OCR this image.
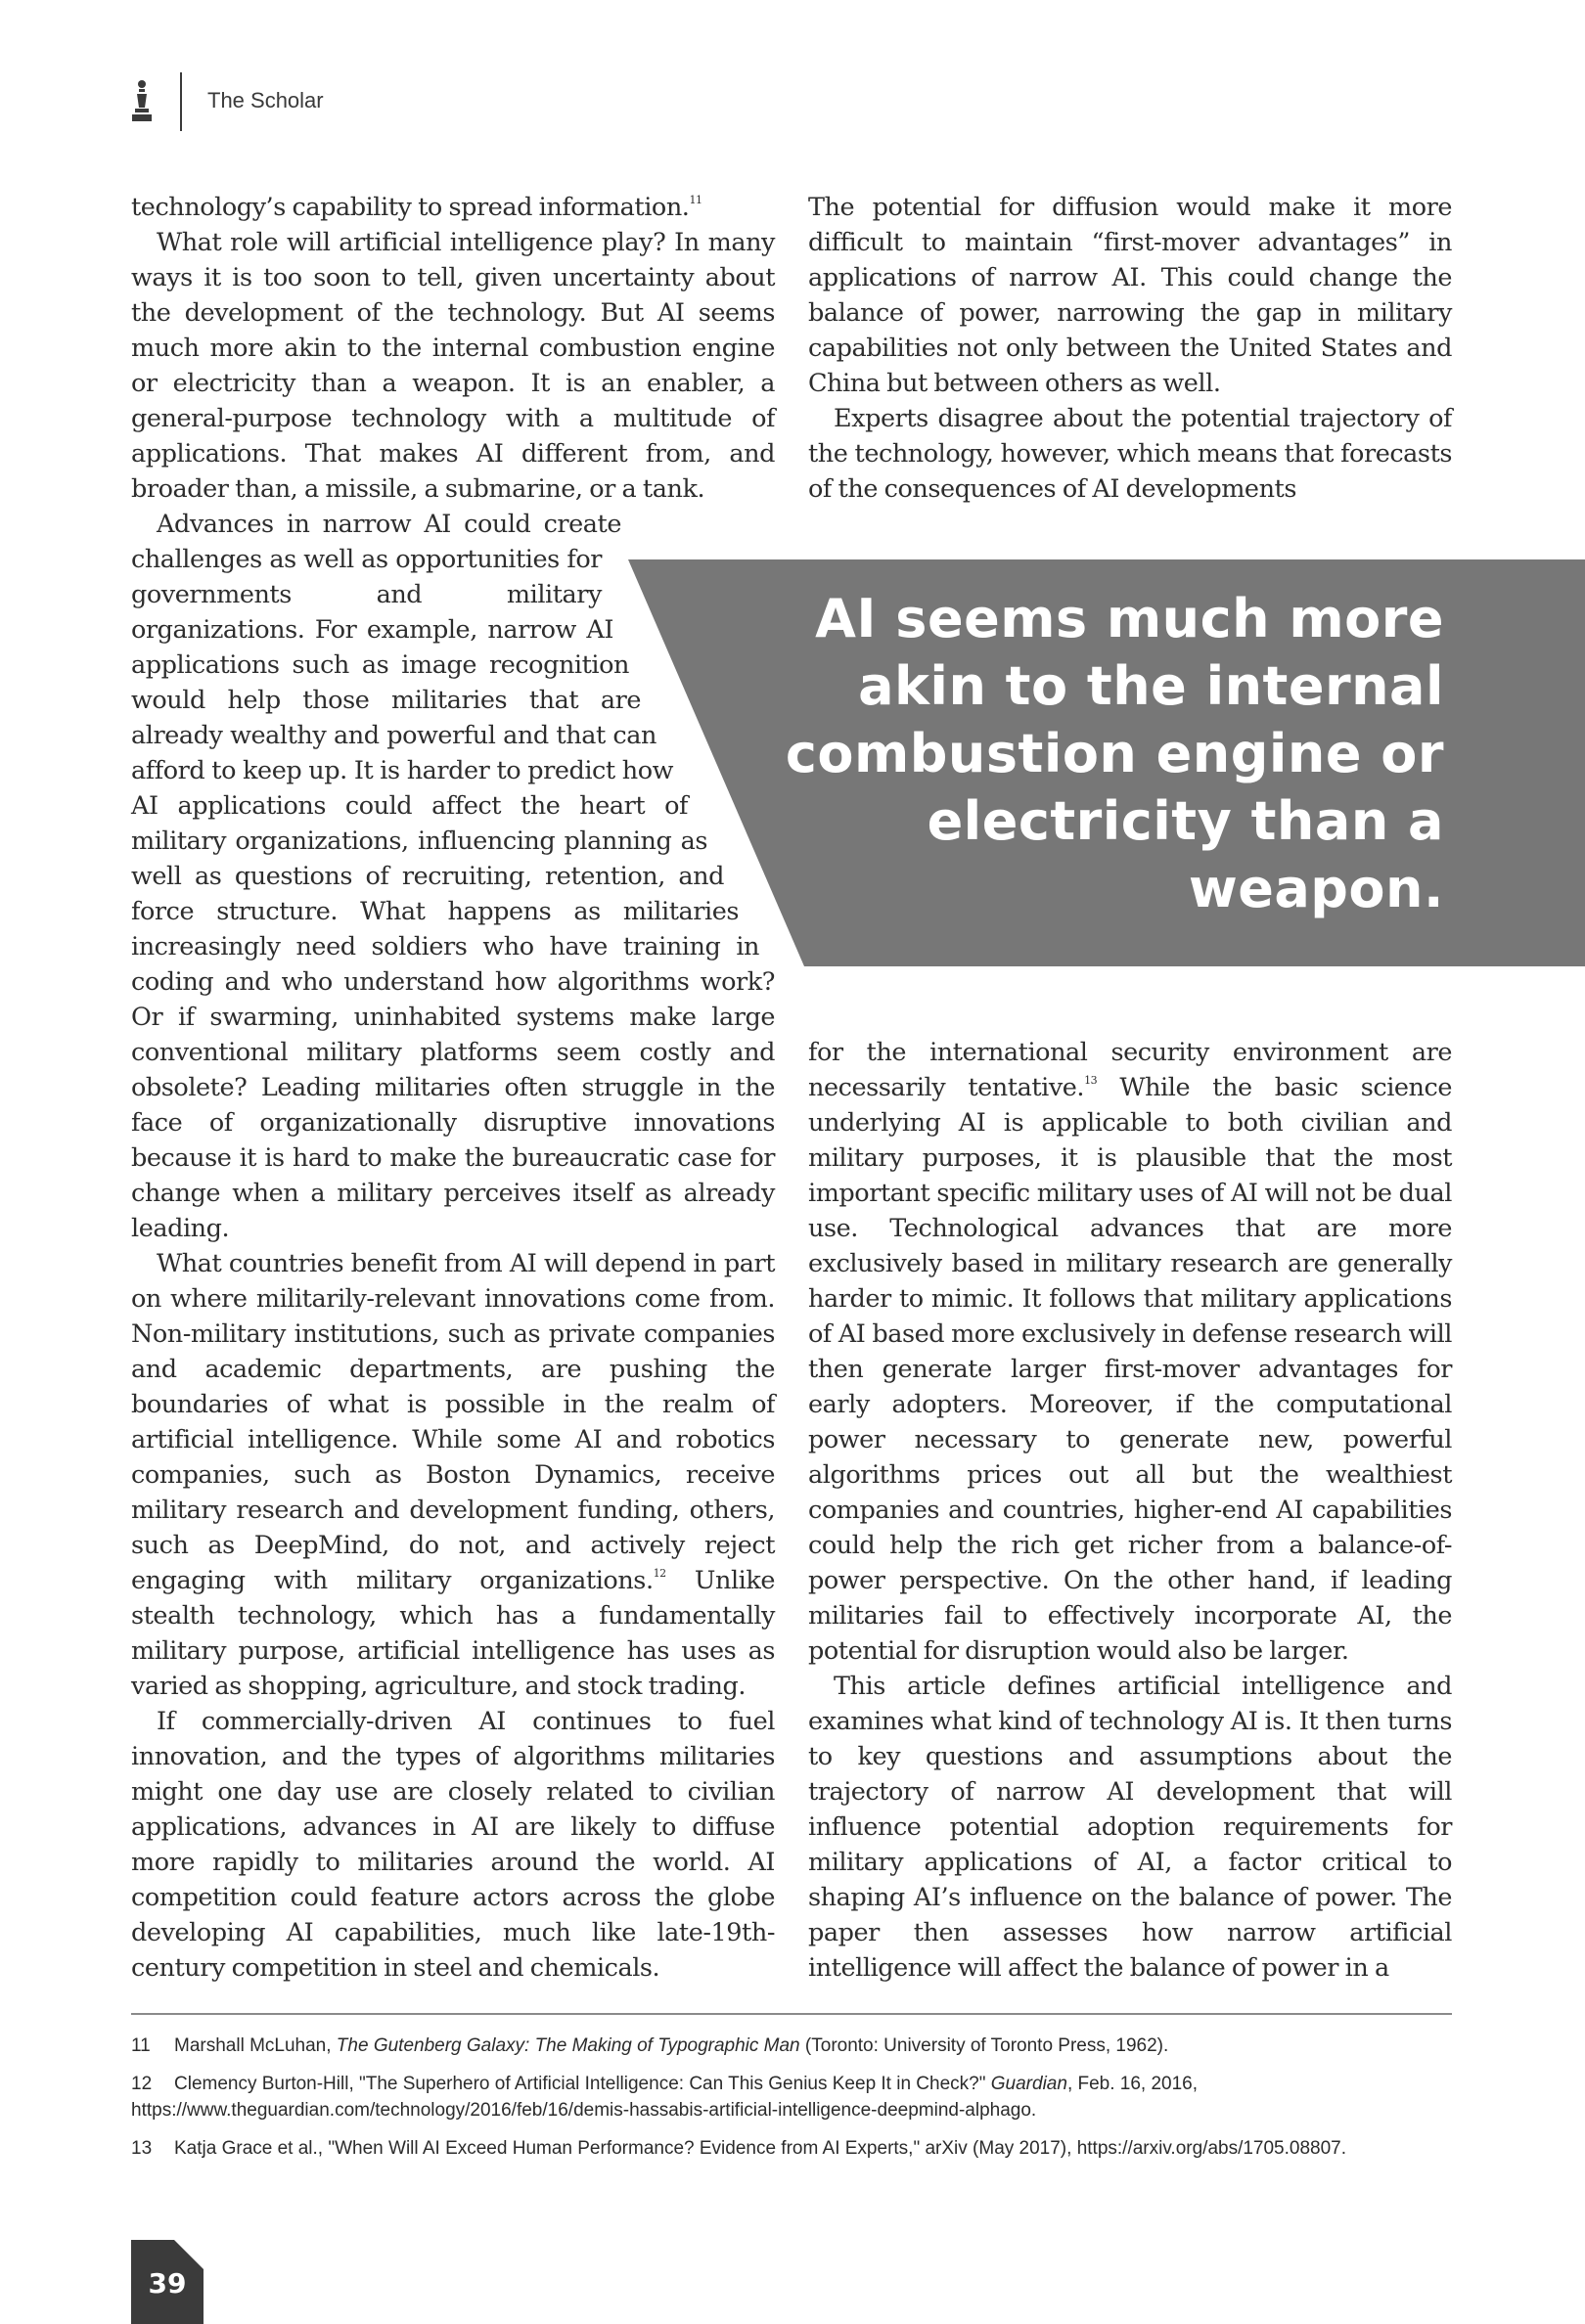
The Scholar
AI seems much more akin to the internal combustion engine or electricity than a weapon.

technology’s capability to spread information.$^{11}$

What role will artificial intelligence play? In many ways it is too soon to tell, given uncertainty about the development of the technology. But AI seems much more akin to the internal combustion engine or electricity than a weapon. It is an enabler, a general-purpose technology with a multitude of applications. That makes AI different from, and broader than, a missile, a submarine, or a tank.

Advances in narrow AI could create challenges as well as opportunities for governments and military organizations. For example, narrow AI applications such as image recognition would help those militaries that are already wealthy and powerful and that can afford to keep up. It is harder to predict how AI applications could affect the heart of military organizations, influencing planning as well as questions of recruiting, retention, and force structure. What happens as militaries increasingly need soldiers who have training in coding and who understand how algorithms work? Or if swarming, uninhabited systems make large conventional military platforms seem costly and obsolete? Leading militaries often struggle in the face of organizationally disruptive innovations because it is hard to make the bureaucratic case for change when a military perceives itself as already leading.

What countries benefit from AI will depend in part on where militarily-relevant innovations come from. Non-military institutions, such as private companies and academic departments, are pushing the boundaries of what is possible in the realm of artificial intelligence. While some AI and robotics companies, such as Boston Dynamics, receive military research and development funding, others, such as DeepMind, do not, and actively reject engaging with military organizations.$^{12}$ Unlike stealth technology, which has a fundamentally military purpose, artificial intelligence has uses as varied as shopping, agriculture, and stock trading.

If commercially-driven AI continues to fuel innovation, and the types of algorithms militaries might one day use are closely related to civilian applications, advances in AI are likely to diffuse more rapidly to militaries around the world. AI competition could feature actors across the globe developing AI capabilities, much like late-19th-century competition in steel and chemicals.

The potential for diffusion would make it more difficult to maintain “first-mover advantages” in applications of narrow AI. This could change the balance of power, narrowing the gap in military capabilities not only between the United States and China but between others as well.

Experts disagree about the potential trajectory of the technology, however, which means that forecasts of the consequences of AI developments

for the international security environment are necessarily tentative.$^{13}$ While the basic science underlying AI is applicable to both civilian and military purposes, it is plausible that the most important specific military uses of AI will not be dual use. Technological advances that are more exclusively based in military research are generally harder to mimic. It follows that military applications of AI based more exclusively in defense research will then generate larger first-mover advantages for early adopters. Moreover, if the computational power necessary to generate new, powerful algorithms prices out all but the wealthiest companies and countries, higher-end AI capabilities could help the rich get richer from a balance-of-power perspective. On the other hand, if leading militaries fail to effectively incorporate AI, the potential for disruption would also be larger.

This article defines artificial intelligence and examines what kind of technology AI is. It then turns to key questions and assumptions about the trajectory of narrow AI development that will influence potential adoption requirements for military applications of AI, a factor critical to shaping AI’s influence on the balance of power. The paper then assesses how narrow artificial intelligence will affect the balance of power in a

11 Marshall McLuhan, The Gutenberg Galaxy: The Making of Typographic Man (Toronto: University of Toronto Press, 1962).

12 Clemency Burton-Hill, "The Superhero of Artificial Intelligence: Can This Genius Keep It in Check?" Guardian, Feb. 16, 2016, https://www.theguardian.com/technology/2016/feb/16/demis-hassabis-artificial-intelligence-deepmind-alphago.

13 Katja Grace et al., "When Will AI Exceed Human Performance? Evidence from AI Experts," arXiv (May 2017), https://arxiv.org/abs/1705.08807.

39
